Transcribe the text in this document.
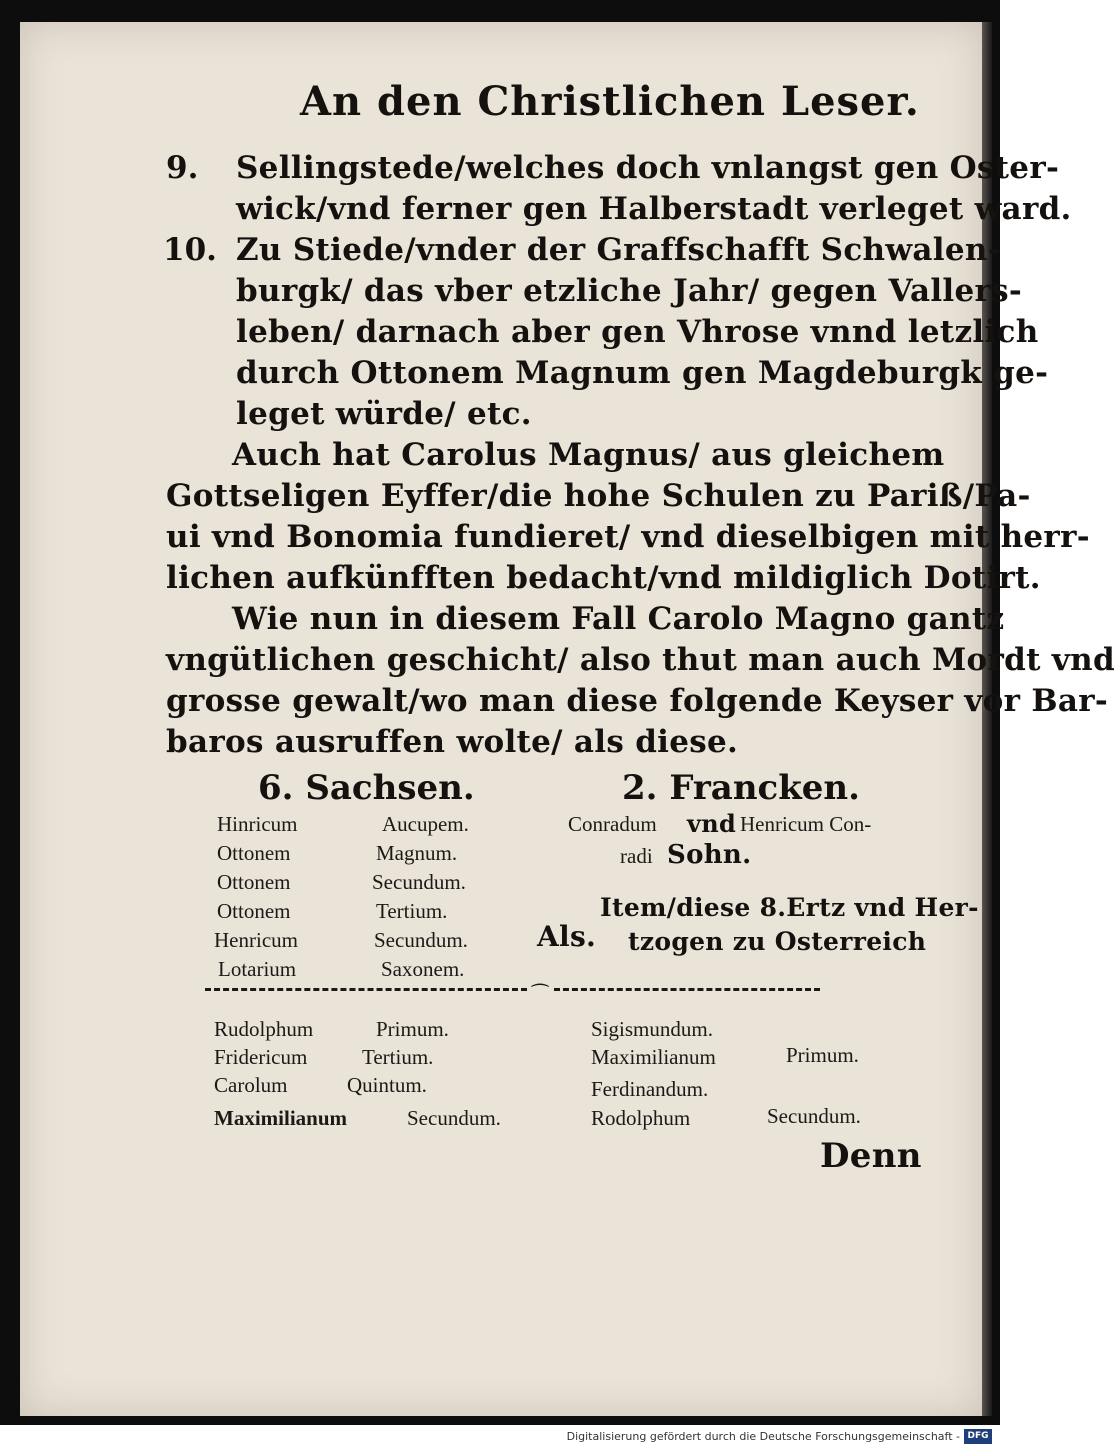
An den Christlichen Leser.
9. Sellingstede/welches doch vnlangst gen Oster-
wick/vnd ferner gen Halberstadt verleget ward.
10. Zu Stiede/vnder der Graffschafft Schwalen-
burgk/ das vber etzliche Jahr/ gegen Vallers-
leben/ darnach aber gen Vhrose vnnd letzlich
durch Ottonem Magnum gen Magdeburgk ge-
leget würde/ etc.
Auch hat Carolus Magnus/ aus gleichem
Gottseligen Eyffer/die hohe Schulen zu Pariß/Pa-
ui vnd Bonomia fundieret/ vnd dieselbigen mit herr-
lichen aufkünfften bedacht/vnd mildiglich Dotirt.
Wie nun in diesem Fall Carolo Magno gantz
vngütlichen geschicht/ also thut man auch Mordt vnd
grosse gewalt/wo man diese folgende Keyser vor Bar-
baros ausruffen wolte/ als diese.
6. Sachsen.
Hinricum	Aucupem.
Ottonem	Magnum.
Ottonem	Secundum.
Ottonem	Tertium.
Henricum	Secundum.
Lotarium	Saxonem.
2. Francken.
Conradum vnd Henricum Con-
radi Sohn.
Als.
Item/diese 8.Ertz vnd Her-
tzogen zu Osterreich
⁀
Rudolphum	Primum.
Fridericum	Tertium.
Carolum	Quintum.
Maximilianum	Secundum.
Sigismundum.
Maximilianum	Primum.
Ferdinandum.
Rodolphum	Secundum.
Denn
Digitalisierung gefördert durch die Deutsche Forschungsgemeinschaft - DFG
